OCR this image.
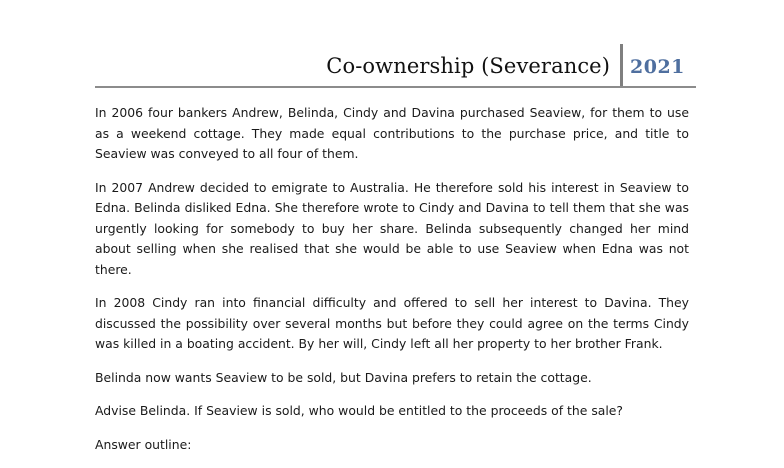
Co-ownership (Severance) 2021

In 2006 four bankers Andrew, Belinda, Cindy and Davina purchased Seaview, for them to use as a weekend cottage. They made equal contributions to the purchase price, and title to Seaview was conveyed to all four of them.

In 2007 Andrew decided to emigrate to Australia. He therefore sold his interest in Seaview to Edna. Belinda disliked Edna. She therefore wrote to Cindy and Davina to tell them that she was urgently looking for somebody to buy her share. Belinda subsequently changed her mind about selling when she realised that she would be able to use Seaview when Edna was not there.

In 2008 Cindy ran into financial difficulty and offered to sell her interest to Davina. They discussed the possibility over several months but before they could agree on the terms Cindy was killed in a boating accident. By her will, Cindy left all her property to her brother Frank.

Belinda now wants Seaview to be sold, but Davina prefers to retain the cottage.

Advise Belinda. If Seaview is sold, who would be entitled to the proceeds of the sale?

Answer outline:
